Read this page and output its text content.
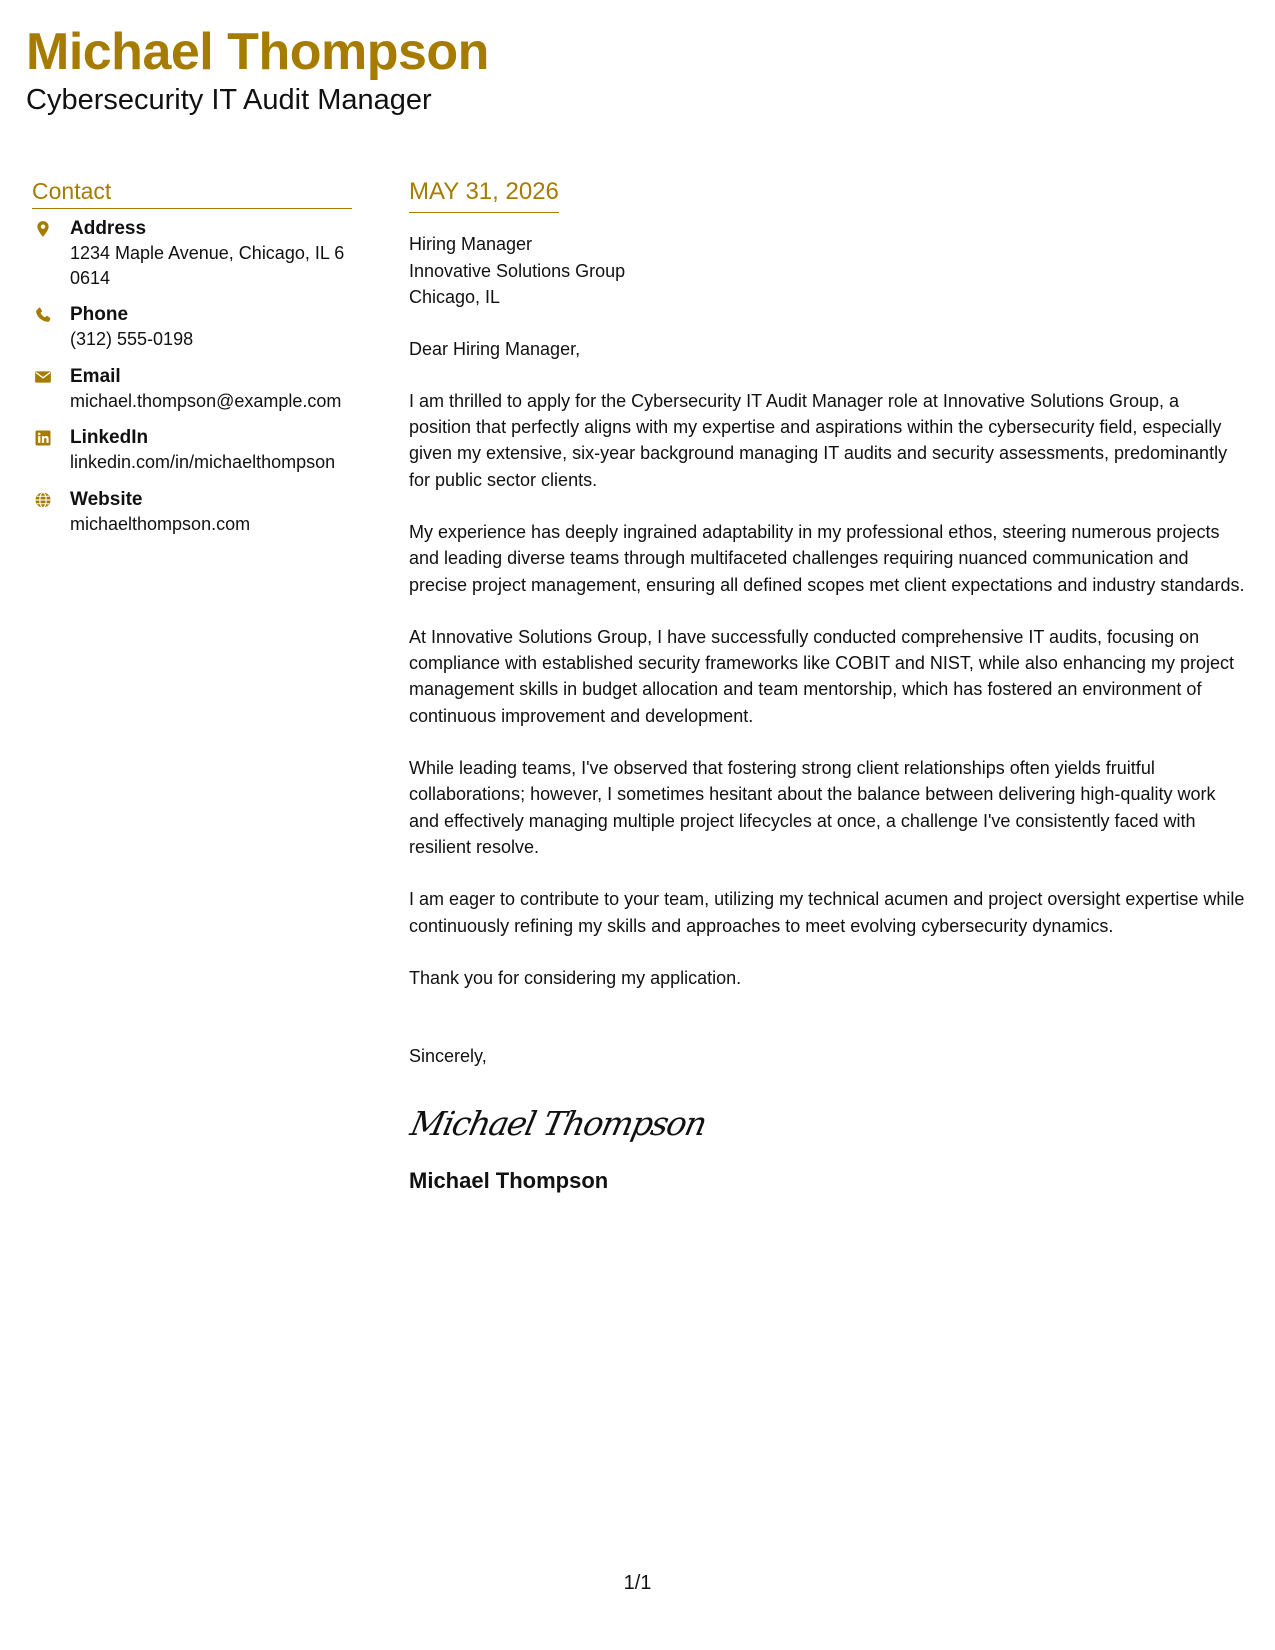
Michael Thompson
Cybersecurity IT Audit Manager
Contact
Address
1234 Maple Avenue, Chicago, IL 60614
Phone
(312) 555-0198
Email
michael.thompson@example.com
LinkedIn
linkedin.com/in/michaelthompson
Website
michaelthompson.com
MAY 31, 2026
Hiring Manager
Innovative Solutions Group
Chicago, IL

Dear Hiring Manager,

I am thrilled to apply for the Cybersecurity IT Audit Manager role at Innovative Solutions Group, a position that perfectly aligns with my expertise and aspirations within the cybersecurity field, especially given my extensive, six-year background managing IT audits and security assessments, predominantly for public sector clients.

My experience has deeply ingrained adaptability in my professional ethos, steering numerous projects and leading diverse teams through multifaceted challenges requiring nuanced communication and precise project management, ensuring all defined scopes met client expectations and industry standards.

At Innovative Solutions Group, I have successfully conducted comprehensive IT audits, focusing on compliance with established security frameworks like COBIT and NIST, while also enhancing my project management skills in budget allocation and team mentorship, which has fostered an environment of continuous improvement and development.

While leading teams, I've observed that fostering strong client relationships often yields fruitful collaborations; however, I sometimes hesitant about the balance between delivering high-quality work and effectively managing multiple project lifecycles at once, a challenge I've consistently faced with resilient resolve.

I am eager to contribute to your team, utilizing my technical acumen and project oversight expertise while continuously refining my skills and approaches to meet evolving cybersecurity dynamics.

Thank you for considering my application.

Sincerely,

Michael Thompson
Michael Thompson
1/1
